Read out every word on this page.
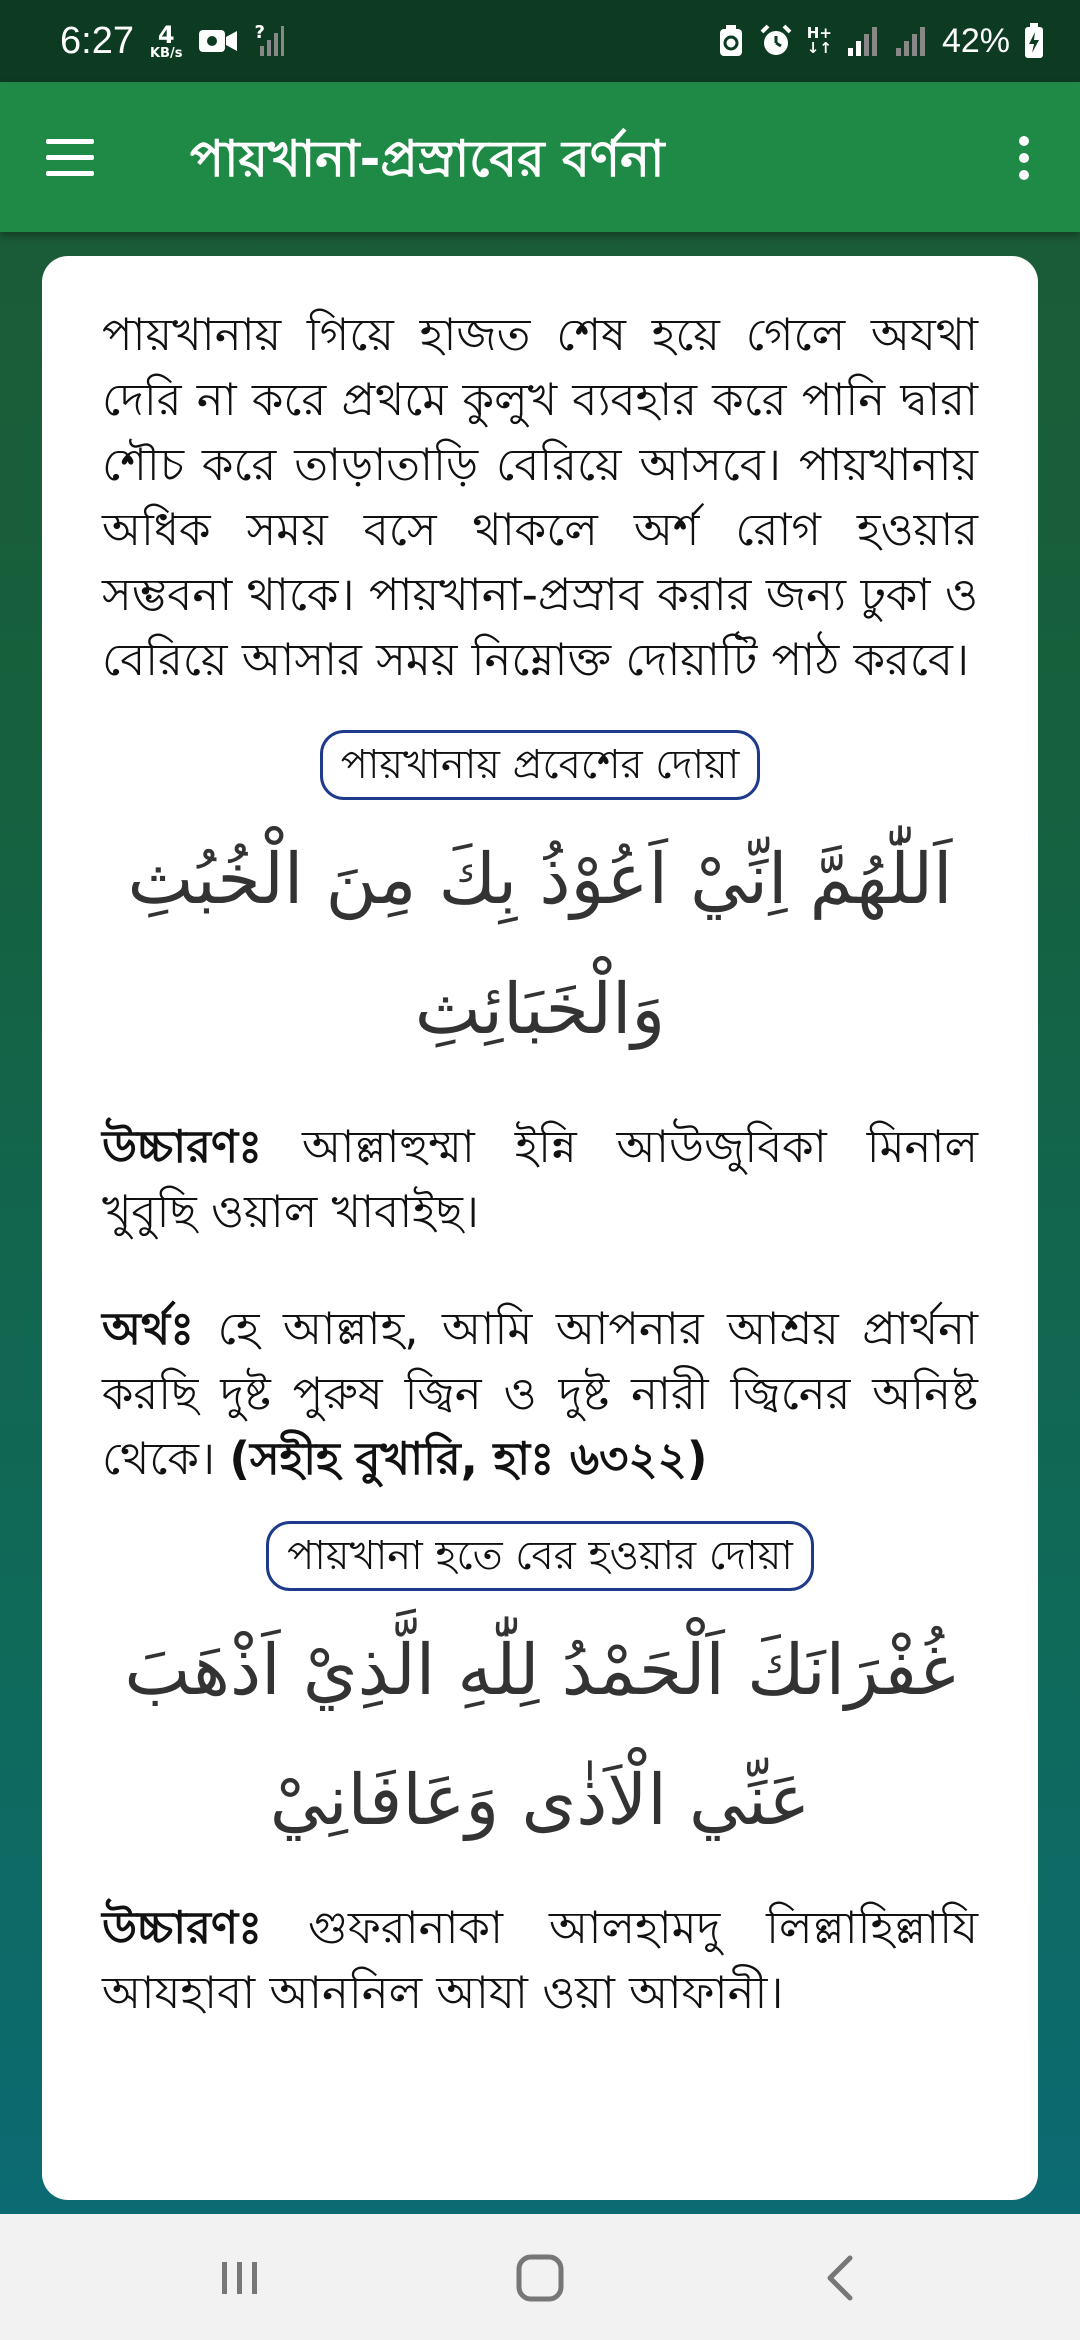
6:27 4
KB/s
?	H+
↓↑	42%
পায়খানা-প্রস্রাবের বর্ণনা

পায়খানায় গিয়ে হাজত শেষ হয়ে গেলে অযথা দেরি না করে প্রথমে কুলুখ ব্যবহার করে পানি দ্বারা শৌচ করে তাড়াতাড়ি বেরিয়ে আসবে। পায়খানায় অধিক সময় বসে থাকলে অর্শ রোগ হওয়ার সম্ভবনা থাকে। পায়খানা-প্রস্রাব করার জন্য ঢুকা ও বেরিয়ে আসার সময় নিম্নোক্ত দোয়াটি পাঠ করবে।

পায়খানায় প্রবেশের দোয়া

اَللّٰهُمَّ اِنِّيْ اَعُوْذُ بِكَ مِنَ الْخُبُثِ وَالْخَبَائِثِ

উচ্চারণঃ আল্লাহুম্মা ইন্নি আউজুবিকা মিনাল খুবুছি ওয়াল খাবাইছ।

অর্থঃ হে আল্লাহ, আমি আপনার আশ্রয় প্রার্থনা করছি দুষ্ট পুরুষ জ্বিন ও দুষ্ট নারী জ্বিনের অনিষ্ট থেকে। (সহীহ বুখারি, হাঃ ৬৩২২)

পায়খানা হতে বের হওয়ার দোয়া

غُفْرَانَكَ اَلْحَمْدُ لِلّٰهِ الَّذِيْ اَذْهَبَ عَنِّي الْاَذٰى وَعَافَانِيْ

উচ্চারণঃ গুফরানাকা আলহামদু লিল্লাহিল্লাযি আযহাবা আননিল আযা ওয়া আফানী।
